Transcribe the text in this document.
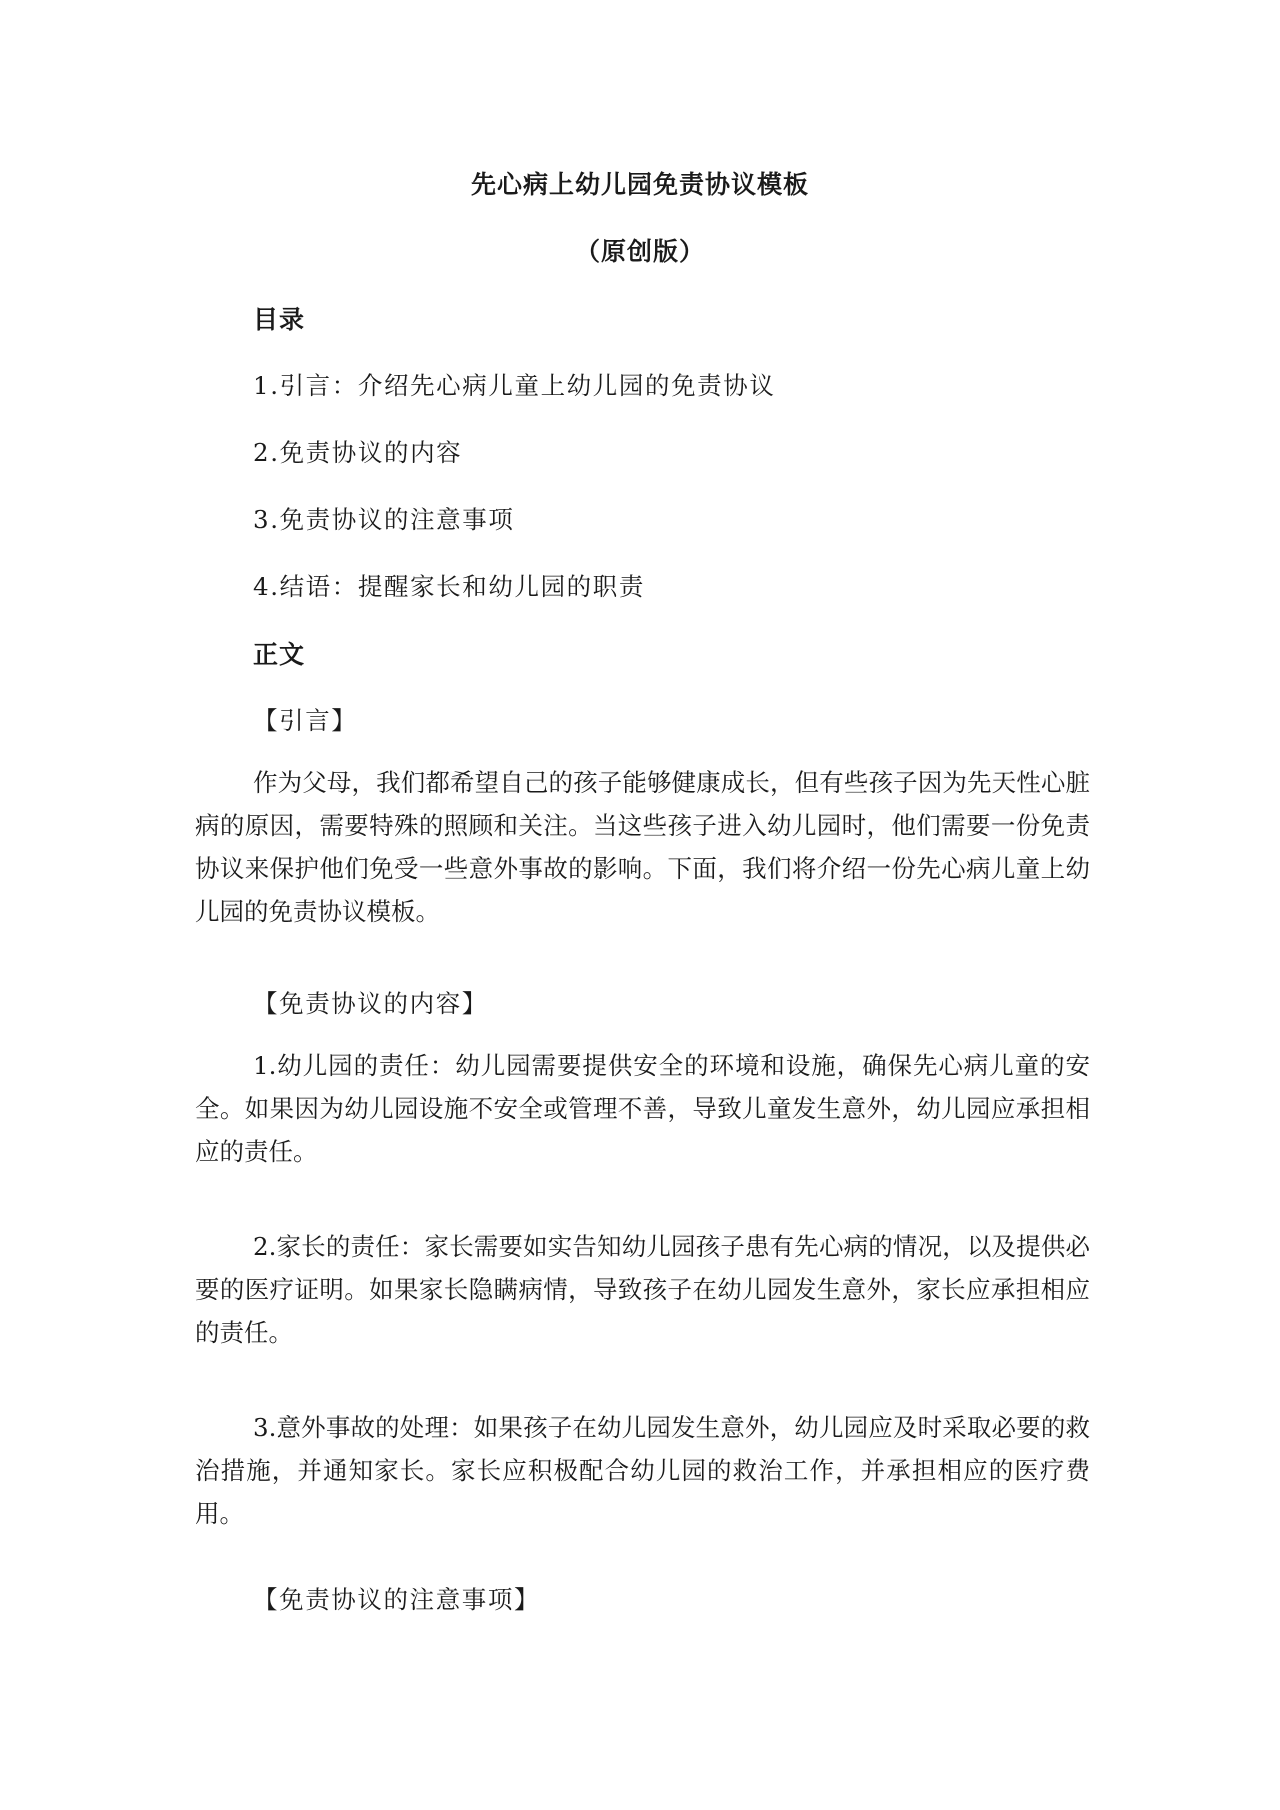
先心病上幼儿园免责协议模板
（原创版）
目录
1.引言：介绍先心病儿童上幼儿园的免责协议
2.免责协议的内容
3.免责协议的注意事项
4.结语：提醒家长和幼儿园的职责
正文
【引言】
作为父母，我们都希望自己的孩子能够健康成长，但有些孩子因为先天性心脏病的原因，需要特殊的照顾和关注。当这些孩子进入幼儿园时，他们需要一份免责协议来保护他们免受一些意外事故的影响。下面，我们将介绍一份先心病儿童上幼儿园的免责协议模板。
【免责协议的内容】
1.幼儿园的责任：幼儿园需要提供安全的环境和设施，确保先心病儿童的安全。如果因为幼儿园设施不安全或管理不善，导致儿童发生意外，幼儿园应承担相应的责任。
2.家长的责任：家长需要如实告知幼儿园孩子患有先心病的情况，以及提供必要的医疗证明。如果家长隐瞒病情，导致孩子在幼儿园发生意外，家长应承担相应的责任。
3.意外事故的处理：如果孩子在幼儿园发生意外，幼儿园应及时采取必要的救治措施，并通知家长。家长应积极配合幼儿园的救治工作，并承担相应的医疗费用。
【免责协议的注意事项】
